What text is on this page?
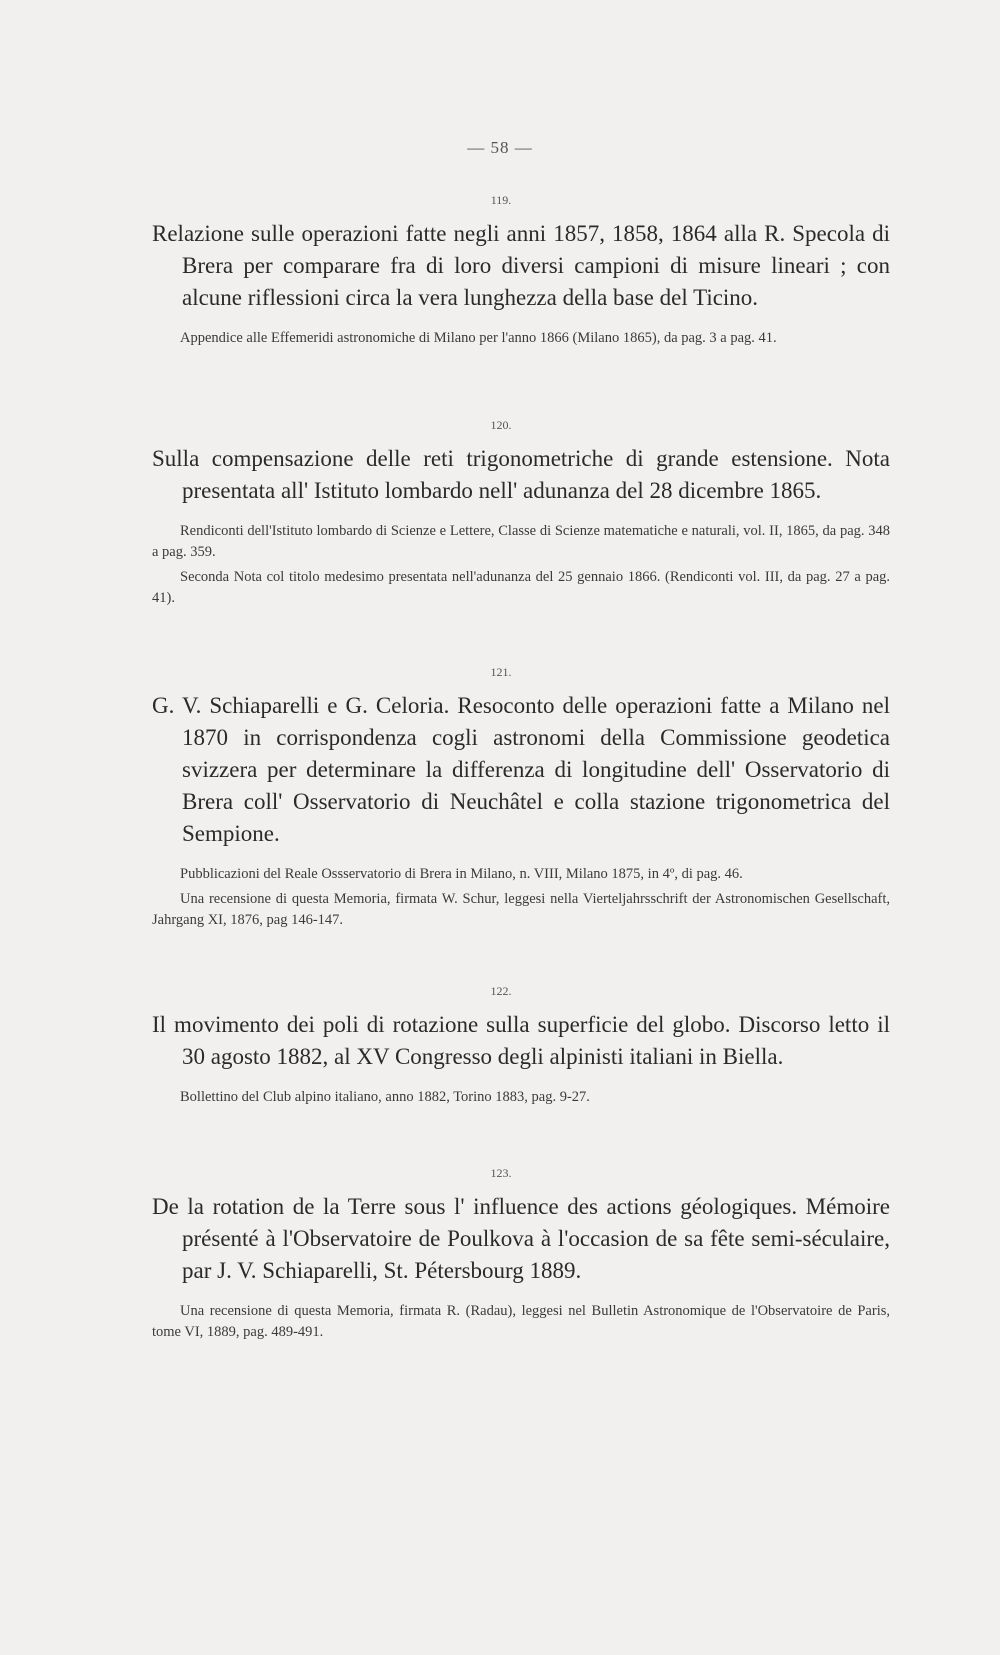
— 58 —
119.

Relazione sulle operazioni fatte negli anni 1857, 1858, 1864 alla R. Specola di Brera per comparare fra di loro diversi campioni di misure lineari ; con alcune riflessioni circa la vera lunghezza della base del Ticino.

Appendice alle Effemeridi astronomiche di Milano per l'anno 1866 (Milano 1865), da pag. 3 a pag. 41.

120.

Sulla compensazione delle reti trigonometriche di grande estensione. Nota presentata all' Istituto lombardo nell' adunanza del 28 dicembre 1865.

Rendiconti dell'Istituto lombardo di Scienze e Lettere, Classe di Scienze matematiche e naturali, vol. II, 1865, da pag. 348 a pag. 359.

Seconda Nota col titolo medesimo presentata nell'adunanza del 25 gennaio 1866. (Rendiconti vol. III, da pag. 27 a pag. 41).

121.

G. V. Schiaparelli e G. Celoria. Resoconto delle operazioni fatte a Milano nel 1870 in corrispondenza cogli astronomi della Commissione geodetica svizzera per determinare la differenza di longitudine dell' Osservatorio di Brera coll' Osservatorio di Neuchâtel e colla stazione trigonometrica del Sempione.

Pubblicazioni del Reale Ossservatorio di Brera in Milano, n. VIII, Milano 1875, in 4º, di pag. 46.

Una recensione di questa Memoria, firmata W. Schur, leggesi nella Vierteljahrsschrift der Astronomischen Gesellschaft, Jahrgang XI, 1876, pag 146-147.

122.

Il movimento dei poli di rotazione sulla superficie del globo. Discorso letto il 30 agosto 1882, al XV Congresso degli alpinisti italiani in Biella.

Bollettino del Club alpino italiano, anno 1882, Torino 1883, pag. 9-27.

123.

De la rotation de la Terre sous l' influence des actions géologiques. Mémoire présenté à l'Observatoire de Poulkova à l'occasion de sa fête semi-séculaire, par J. V. Schiaparelli, St. Pétersbourg 1889.

Una recensione di questa Memoria, firmata R. (Radau), leggesi nel Bulletin Astronomique de l'Observatoire de Paris, tome VI, 1889, pag. 489-491.
